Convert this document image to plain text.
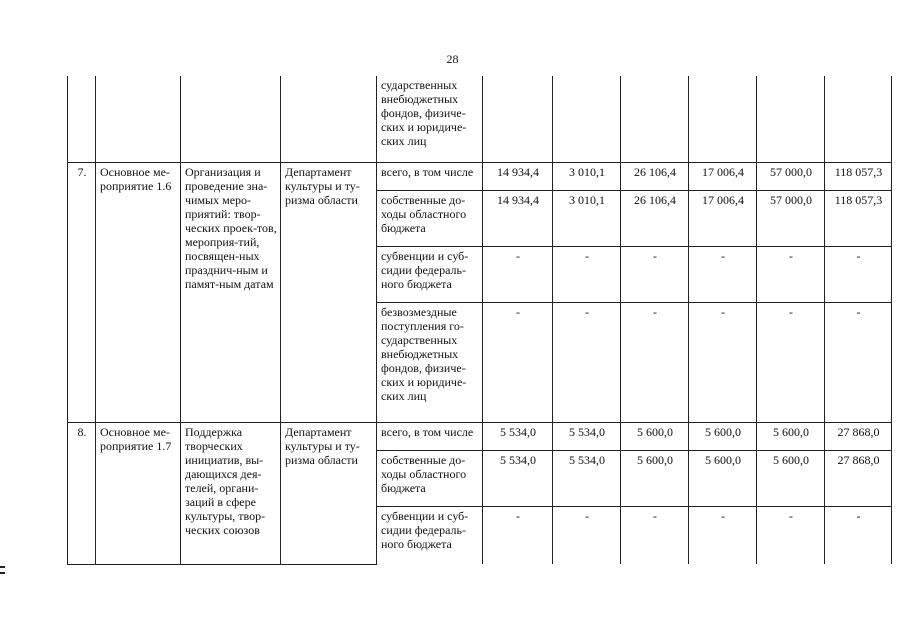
28
				сударственных внебюджетных фондов, физиче-ских и юридиче-ских лиц						
7.	Основное ме-роприятие 1.6	Организация и проведение зна-чимых меро-приятий: твор-ческих проек-тов, мероприя-тий, посвящен-ных празднич-ным и памят-ным датам	Департамент культуры и ту-ризма области	всего, в том числе	14 934,4	3 010,1	26 106,4	17 006,4	57 000,0	118 057,3
				собственные до-ходы областного бюджета	14 934,4	3 010,1	26 106,4	17 006,4	57 000,0	118 057,3
				субвенции и суб-сидии федераль-ного бюджета	-	-	-	-	-	-
				безвозмездные поступления го-сударственных внебюджетных фондов, физиче-ских и юридиче-ских лиц	-	-	-	-	-	-
8.	Основное ме-роприятие 1.7	Поддержка творческих инициатив, вы-дающихся дея-телей, органи-заций в сфере культуры, твор-ческих союзов	Департамент культуры и ту-ризма области	всего, в том числе	5 534,0	5 534,0	5 600,0	5 600,0	5 600,0	27 868,0
				собственные до-ходы областного бюджета	5 534,0	5 534,0	5 600,0	5 600,0	5 600,0	27 868,0
				субвенции и суб-сидии федераль-ного бюджета	-	-	-	-	-	-
